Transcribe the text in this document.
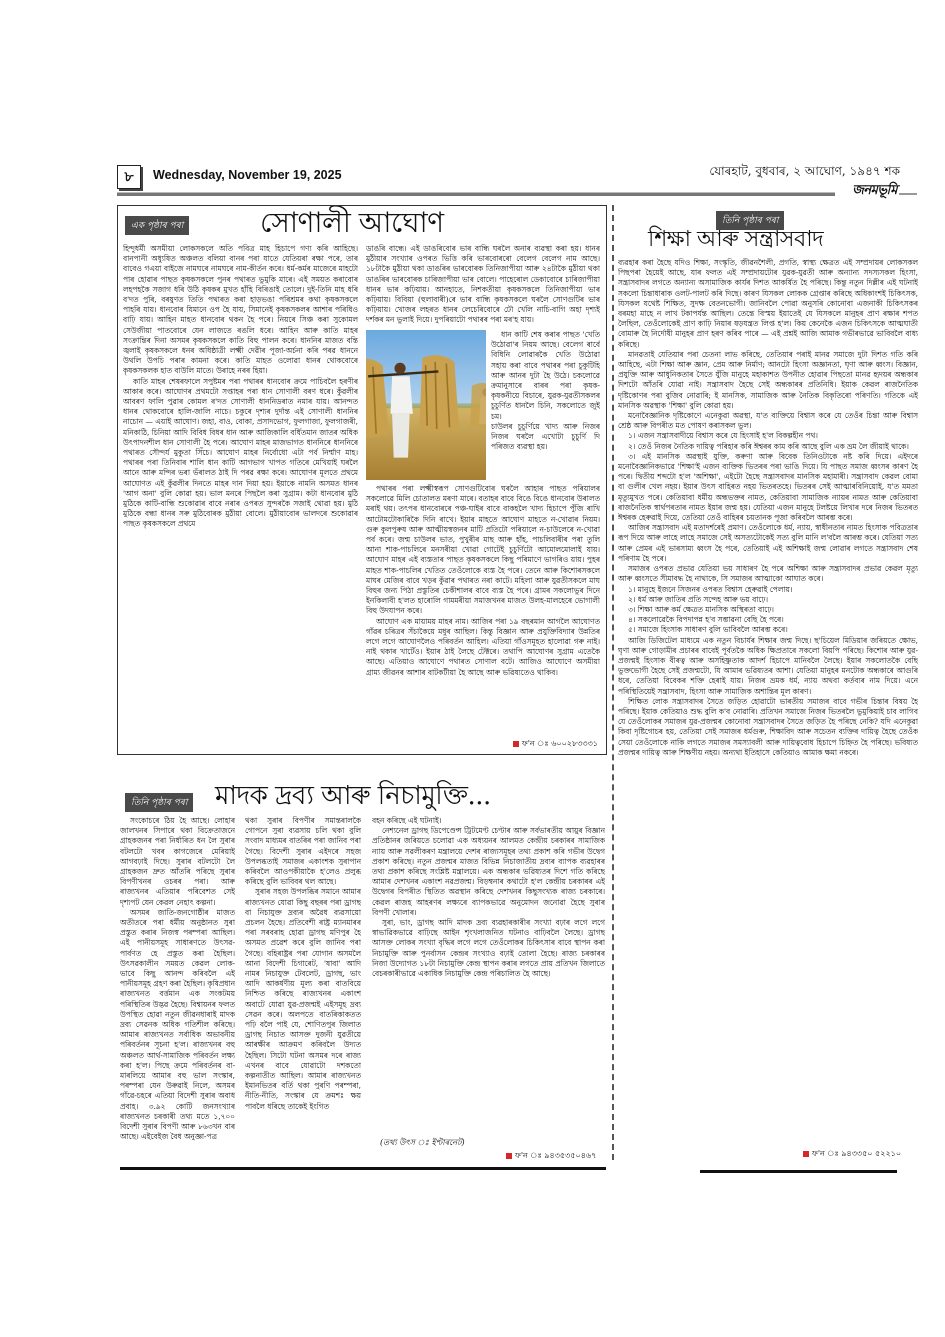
৮	Wednesday, November 19, 2025	যোৰহাট, বুধবাৰ, ২ আঘোণ, ১৯৪৭ শক
জনমভূমি
এক পৃষ্ঠাৰ পৰা	সোণালী আঘোণ

হিন্দুধৰ্মী অসমীয়া লোকসকলে অতি পবিত্ৰ মাহ হিচাপে গণ্য কৰি আহিছে। বানপানী অধ্যুষিত অঞ্চলত বলিয়া বানৰ পৰা যাতে যেতিয়ৰা ৰক্ষা পৰে, তাৰ বাবেও গএয়া বাইজে নামঘৰে নামঘৰে নাম-কীৰ্তন কৰে। ধৰ্ম-কৰ্মৰ মাজেৰে মাহটো পাৰ হোৱাৰ পাছত কৃষকসকলে পুনৰ পথাৰত ভুমুকি মাৰে। এই সময়ত কৰাবোৰ লহপহকৈ সজাগ ধৰি উঠি কৃষকৰ মুখত হাঁহি বিৰিঙাই তোলে। দুই-তিনি মাহ ধৰি ব'দত পুৰি, বৰষুণত তিতি পথাৰত কৰা হাড়ভঙা পৰিশ্ৰমৰ কথা কৃষকসকলে পাহৰি যায়। ধানবোৰ যিমানে ওপ হৈ যায়, সিমানেই কৃষকসকলৰ আশাৰ পৰিধিও বাঢ়ি যায়। আহিন মাহত ধানবোৰ থকন হৈ পৰে। নিয়ৰে সিঞ্চ কৰা সুকোমল সেউজীয়া পাতবোৰে যেন লাজতে ৰঙলি ধৰে। আহিন আৰু কাতি মাহৰ সংক্ৰান্তিৰ দিনা অসমৰ কৃষকসকলে কাতি বিহু পালন কৰে। ধাননিৰ মাজত বন্তি জ্বলাই কৃষকসকলে ধনৰ অধিষ্ঠাত্ৰী লক্ষ্মী দেৱীৰ পূজা-অৰ্চনা কৰি পৰৱ ধাননে উথলি উপচি পৰাৰ কামনা কৰে। কাতি মাহত ওলোৱা ধানৰ থোকবোৰে কৃষকসকলক হাত বাউলি মাতে। উৰাহে নৰৰ হিয়া।

কাতি মাহৰ শেষৰফালে সপুষ্টমৰ পৰা পথাৰৰ ধানবোৰ ক্ৰমে পাচিবলৈ হৰণীৰ আকাৰ কৰে। আঘোণৰ প্ৰথমটো সপ্তাহৰ পৰা ধান সোণালী বৰণ ধৰে। কুঁৱলীৰ আবৰণ ফালি পুৱাৰ কোমল ৰ'দত সোণালী ধাননিডৰাত নমাৰ যায়। আনন্দত ধানৰ থোকবোৰে হালি-জালি নাচে। চকুৰে দৃশ্যৰ দুৰ্দান্ত এই সোণালী ধাননিৰ নাচোন — এয়াই আঘোণ। জহা, বাও, বোকা, প্ৰসাদভোগ, ফুলগাজা, ফুলগাজৰী, মনিকাঠি, চিনিয়া আদি বিবিধ বিধৰ ধান আৰু আজিকালি বৰ্ধিতমান জাতৰ অধিক উৎপাদনশীল ধান সোণালী হৈ পৰে। আঘোণ মাহৰ মাজভাগত ধাননিৰে ধাননিৰে পথাৰত সৌন্দৰ্য মুকুতা সিঁচে। আঘোণ মাহৰ নিৰ্বোধো এটা পৰ্ব নিৰ্ম্মাণ মাহ। পথাৰৰ পৰা তিনিবাৰ শালি ধান কাটি আগভাগ খাপত গতিৰে মেখিয়াই ঘৰলৈ আনে আৰু মন্দিৰ ভৰা ভঁৰালত ঠাই দি পৰৱ ৰক্ষা কৰে। আঘোণৰ মূলতে প্ৰথমে আঘোণত এই কুঁৱলীৰ দিনতে মাহৰ দান দিয়া হয়। ইয়াকে নামনি অসমত ধানৰ 'আগ অনা' বুলি কোৱা হয়। ভাল মনৰে পিছলৈ কৰা সুগ্ৰাম। কটা ধানবোৰ মুঠি মুঠিকে কাটি-বান্ধি শুকোৱাৰ বাবে নৰাৰ ওপৰত সুন্দৰকৈ সজাই থোৱা হয়। মুঠি মুঠিকে বন্ধা ধানৰ সৰু মুঠিবোৰক মুঠীয়া বোলে। মুঠীয়াবোৰ ভালদৰে শুকোৱাৰ পাছত কৃষকসকলে প্ৰথমে

ডাঙৰি বান্ধে। এই ডাঙৰিবোৰ ভাৰ বান্ধি ঘৰলৈ অনাৰ ব্যৱস্থা কৰা হয়। ধানৰ মুঠীয়াৰ সংখ্যাৰ ওপৰত ভিত্তি কৰি ভাৰবোৰৰো বেলেগ বেলেগ নাম আছে। ১৮টাকৈ মুঠীয়া থকা ডাঙৰিৰ ভাৰবোৰক তিনিজাপীয়া আৰু ২৪টাকৈ মুঠীয়া থকা ডাঙৰিৰ ভাৰবোৰক চাৰিজাপীয়া ভাৰ বোলে। পাহেৰোল ডেকাবোৰে চাৰিজাপীয়া ধানৰ ভাৰ কঢ়িয়ায়। আনহাতে, নিশকতীয়া কৃষকসকলে তিনিজাপীয়া ভাৰ কঢ়িয়ায়। বিবিয়া (হুলাবাৰী)ৰে ভাৰ বান্ধি কৃষকসকলে ঘৰলৈ সোণগুটিৰ ভাৰ কঢ়িয়ায়। খোজৰ লহৰত ধানৰ লেচেৰিবোৰে ঢৌ খেলি নাচি-বাগি অহা দৃশ্যই দৰ্শকৰ মন ভুলাই দিয়ে। দুপৰিয়াটো পথাৰৰ পৰা মৰ'হ যায়।

ধান কাটি শেষ কৰাৰ পাছত 'খেতি উঠোৱা'ৰ নিয়ম আছে। বেলেগ ৰাৰ্বে বিধিনি লোৱাৰকৈ খেতি উঠোৱা সহায় কৰা বাবে পথাৰৰ পৰা চুকুটিহি আৰু আনৰ দুটা হৈ উঠে। চকলোৱে ক্ৰমানুসাৰে বাৰৰ পৰা কৃষক-কৃষকনীয়ে বিচাৰে, যুৱক-যুৱতীসকলৰ চুচুৰ্ণিত ধানলৈ চিনি, সকলোতে জুই চম।

চাউলৰ চুচুৰ্ণিয়ে খাদ্য আৰু নিজৰ নিজৰ ঘৰলৈ এখোটা চুচুৰ্ণি দি পৰিজত ব্যৱস্থা হয়।

পথাৰৰ পৰা লক্ষ্মীস্বৰূপ সোণগুটিবোৰ ঘৰলৈ আহাৰ পাছত পৰিয়ালৰ সকলোৱে মিলি চোতালত মৰণা মাৰে। বতাহৰ বাবে বিঙে বিঙে ধানবোৰ উৰালত মৰাই থয়। তৎপৰ ধানবোৰৰে পঞ্চ-ঘাইৰ বাবে বাকহলৈ খাদ্য হিচাপে পুঁজি ৰাখি আটোমটোকাৰিকৈ দিনি ৰাখে। ইয়াৰ মাহতে আঘোণ মাহতে ন-খোৱাৰ নিয়ম। গুৰু কুলপুৰুষ আৰু আত্মীয়স্বজনৰ মাটি প্ৰতিটো পৰিয়ালে ন-চাউলেৰে ন-খোৱা পৰ্ব কৰে। জন্ম চাউলৰ ভাত, পুখুৰীৰ মাছ আৰু হাঁহ, পাচলিবাৰীৰ পৰা তুলি আনা শাক-পাচলিৰে মনসৰীয়া খোৱা গোটেই চুচুৰ্ণিটো আমোলমোলাই যায়। আঘোণ মাহৰ এই ব্যস্ততাৰ পাছত কৃষকসকলে কিছু পৰিমাণে ভাগৰিও য়ায়। পুহৰ মাহত শাক-পাচলিৰ খেতিত তেওঁলোকে ব্যস্ত হৈ পৰে। তেনে আৰু কিশোৰসকলে মাঘৰ মেজিৰ বাবে খড়ৰ কুঁৱাৰ পথাৰত নৰা কাটে। মহিলা আৰু যুৱতীসকলে মাঘ বিহুৰ জন্য পিঠা প্ৰস্তুতিৰ চেকীশালৰ বাবে ব্যস্ত হৈ পৰে। গ্ৰামৰ সকলোভুৰ দিনে ইনকিলাবী হ'লত হাৰোলি গামমৰীয়া সমাজখনৰ মাজত উলহ-মালহেৰে ভোগালী বিহু উদযাপন কৰে।

আঘোণ এক মায়াময় মাহৰ নাম। আজিৰ পৰা ১৯ বছৰমান আগলৈ আঘোণত গাঁৱৰ চৰিত্ৰৰ সঁচাকৈয়ে মধুৰ আছিল। কিন্তু বিজ্ঞান আৰু প্ৰযুক্তিবিদ্যাৰ উন্নতিৰ লগে লগে আঘোণলৈও পৰিবৰ্তন আহিল। এতিয়া গাঁওসমূহত হালোৱা গৰু নাই। নাই থকাৰ খাটেঁও। ইয়াৰ ঠাই লৈছে টেক্টৰে। তথাপি আঘোণৰ সুগ্ৰাম এতেকৈ আছে। এতিয়াও আঘোণে পথাৰত সোণাল বটে। আজিও আঘোণে অসমীয়া গ্ৰাম্য জীৱনৰ আশাৰ বাটকটীয়া হৈ আছে আৰু ভৱিষ্যতেও থাকিব।

ফ'ন ঃ ৬০০২৮৩৩৩১
তিনি পৃষ্ঠাৰ পৰা
শিক্ষা আৰু সন্ত্ৰাসবাদ

ব্যৱহাৰ কৰা হৈছে যদিও শিক্ষা, সংস্কৃতি, জীৱনশৈলী, প্ৰগতি, স্বাস্থ্য ক্ষেত্ৰত এই সম্প্ৰদায়ৰ লোকসকল পিছপৰা হৈয়েই আছে, যাৰ ফলত এই সম্প্ৰদায়টোৰ যুৱক-যুৱতী আৰু অন্যান্য সদস্যসকল হিংসা, সন্ত্ৰাসবাদৰ লগতে অন্যান্য অসামাজিক কাৰ্যৰ দিশত আকৰ্ষিত হৈ পৰিছে। কিন্তু নতুন দিল্লীৰ এই ঘটনাই সকলো চিন্তাধাৰাক ওলট-পালট কৰি দিছে। কাৰণ যিসকল লোকক গ্ৰেপ্তাৰ কৰিছে অধিকাংশই চিকিৎসক, যিসকল যথেষ্ট শিক্ষিত, সুদক্ষ বেতনভোগী। জানিবলৈ পোৱা অনুসৰি কোনোবা এজনাকী চিকিৎসকৰ বৰমহা মাহে ন লাখ টকাপৰ্যন্ত আছিল। তেন্তে বিস্ময় ইয়াতেই যে যিসকলে মানুহৰ প্ৰাণ ৰক্ষাৰ শপত লৈছিল, তেওঁলোকেই প্ৰাণ কাঢ়ি নিয়াৰ ষড়যন্ত্ৰত লিপ্ত হ'ল। কিয় কেনেকৈ এজন চিকিৎসকে আত্মঘাতী বোমাৰু হৈ নিৰ্দোষী মানুহৰ প্ৰাণ হৰণ কৰিব পাৰে — এই প্ৰশ্নই আজি আমাক গভীৰভাৱে ভাবিবলৈ বাধ্য কৰিছে।

মানৱতাই যেতিয়াৰ পৰা চেতনা লাভ কৰিছে, তেতিয়াৰ পৰাই মানৱ সমাজে দুটা দিশত গতি কৰি আহিছে, এটা শিক্ষা আৰু জ্ঞান, প্ৰেম আৰু নিৰ্মাণ; আনটো হিংসা অজ্ঞানতা, ঘৃণা আৰু ধ্বংস। বিজ্ঞান, প্ৰযুক্তি আৰু আধুনিকতাৰ সৈতে যুঁজি মানুহে মহাকাশত উপনীত হোৱাৰ পিছতো মানৱ হৃদয়ৰ অন্ধকাৰ দিশটো আঁতৰি যোৱা নাই। সন্ত্ৰাসবাদ হৈছে সেই অন্ধকাৰৰ প্ৰতিনিধি। ইয়াক কেৱল ৰাজনৈতিক দৃষ্টিকোণৰ পৰা বুজিব নোৱাৰি; ই মানসিক, সামাজিক আৰু নৈতিক বিকৃতিৰো পৰিণতি। গতিকে এই মানসিক অৱস্থাক 'শিক্ষা' বুলি কোৱা হয়।

মনোবৈজ্ঞানিক দৃষ্টিকোণে এনেকুৱা অৱস্থা, য'ত ব্যক্তিয়ে বিশ্বাস কৰে যে তেওঁৰ চিন্তা আৰু বিশ্বাস শ্ৰেষ্ঠ আৰু বিপৰীত মত পোষণ কৰাসকল ভুল।

১। এজন সন্ত্ৰাসবাদীয়ে বিশ্বাস কৰে যে হিংসাই হ'ল বিকল্পহীন পথ।

২। তেওঁ নিজৰ নৈতিক দায়িত্ব পৰিহাৰ কৰি ঈশ্বৰৰ কাম কৰি আছে বুলি এক ভ্ৰম লৈ জীয়াই থাকে।

৩। এই মানসিক অৱস্থাই যুক্তি, কৰুণা আৰু বিবেক তিনিওটাকে নষ্ট কৰি দিয়ে। এইদৰে মনোবৈজ্ঞানিকভাৱে 'শিক্ষা'ই এজন ব্যক্তিক ভিতৰৰ পৰা ভাঙি দিয়ে। যি পাছত সমাজ ধ্বংসৰ কাৰণ হৈ পৰে। দ্বিতীয় শব্দটো হ'ল 'অশিক্ষা', এইটো হৈছে সন্ত্ৰাসবাদৰ মানসিক মহামাৰী। সন্ত্ৰাসবাদ কেৱল বোমা বা গুলীৰ খেল নহয়। ইয়াৰ উৎস বাহিৰত নহয় ভিতৰতহে। ভিতৰৰ সেই আত্মাৰবিনিয়োই, য'ত মমতা মৃত্যুমুখত পৰে। কেতিয়াবা ধৰ্মীয় অন্ধভক্তৰ নামত, কেতিয়াবা সামাজিক ন্যায়ৰ নামত আৰু কেতিয়াবা ৰাজনৈতিক স্বাৰ্থপৰতাৰ নামত ইয়াৰ জন্ম হয়। যেতিয়া এজন মানুহে টলষ্টয়ে লিখাৰ দৰে নিজৰ ভিতৰত ঈশ্বৰক হেৰুৱাই দিয়ে, তেতিয়া তেওঁ বাহিৰৰ চয়তানক পূজা কৰিবলৈ আৰম্ভ কৰে।

আজিৰ সন্ত্ৰাসবাদ এই মতাদৰ্শৰেই প্ৰমাণ। তেওঁলোকে ধৰ্ম, ন্যায়, স্বাধীনতাৰ নামত হিংসাক পবিত্ৰতাৰ ৰূপ দিয়ে আৰু লাহে লাহে সমাজে সেই অসত্যটোকেই সত্য বুলি মানি ল'বলৈ আৰম্ভ কৰে। যেতিয়া সত্য আৰু প্ৰেমৰ এই ভাৰসাম্য ধ্বংস হৈ পৰে, তেতিয়াই এই অশিক্ষাই জন্ম লোৱাৰ লগতে সন্ত্ৰাসবাদ শেষ পৰিণাম হৈ পৰে।

সমাজৰ ওপৰত প্ৰভাৱ যেতিয়া ভয় সাধাৰণ হৈ পৰে অশিক্ষা আৰু সন্ত্ৰাসবাদৰ প্ৰভাৱ কেৱল মৃত্যু আৰু ধ্বংসতে সীমাবদ্ধ হৈ নাথাকে, সি সমাজৰ আত্মাকো আঘাত কৰে।

১। মানুহে ইজনে সিজনৰ ওপৰত বিশ্বাস হেৰুৱাই পেলায়।

২। ধৰ্ম আৰু জাতিৰ প্ৰতি সন্দেহ আৰু ভয় বাঢ়ে।

৩। শিক্ষা আৰু কৰ্ম ক্ষেত্ৰত মানসিক অস্থিৰতা বাঢ়ে।

৪। সকলোৱেকৈ বিপদাপন্ন হ'ব সম্ভাৱনা বেছি হৈ পৰে।

৫। সমাজে হিংসাক সাধাৰণ বুলি ভাবিবলৈ আৰম্ভ কৰে।

আজি ডিজিটেল মাধ্যমে এক নতুন বিচাৰ্যৰ শিক্ষাৰ জন্ম দিছে। ছ'চিয়েল মিডিয়াৰ জৰিয়তে ক্ষোভ, ঘৃণা আৰু গোড়ামীৰ প্ৰচাৰৰ বাবেই পূৰ্বতকৈ অধিক ক্ষিপ্ৰতাৰে সকলো বিয়পি পৰিছে। কিশোৰ আৰু যুৱ-প্ৰজন্মই হিংসাক বীৰত্ব আৰু অসহিষ্ণুতাক আদৰ্শ হিচাপে মানিবলৈ লৈছে। ইয়াৰ সকলোতকৈ বেছি ভুক্তভোগী হৈছে সেই প্ৰজন্মটো, যি আমাৰ ভৱিষ্যতৰ আশা। যেতিয়া মানুহৰ মনটোক অন্ধকাৰে আগুৰি ধৰে, তেতিয়া বিবেকৰ শক্তি হেৰাই যায়। নিজৰ ভ্ৰমক ধৰ্ম, ন্যায় অথবা কৰ্তব্যৰ নাম দিয়ে। এনে পৰিস্থিতিয়েই সন্ত্ৰাসবাদ, হিংসা আৰু সামাজিক অশান্তিৰ মূল কাৰণ।

শিক্ষিত লোক সন্ত্ৰাসবাদৰ সৈতে জড়িত হোৱাটো ভাৰতীয় সমাজৰ বাবে গভীৰ চিন্তাৰ বিষয় হৈ পৰিছে। ইয়াক কেতিয়াও শুদ্ধ বুলি ক'ব নোৱাৰি। প্ৰতিখন সমাজে নিজৰ ভিতৰলৈ ভুমুকিয়াই চাব লাগিব যে তেওঁলোকৰ সমাজৰ যুৱ-প্ৰজন্মৰ কোনোবা সন্ত্ৰাসবাদৰ সৈতে জড়িত হৈ পৰিছে নেকি? যদি এনেকুৱা কিবা দৃষ্টিগোচৰ হয়, তেতিয়া সেই সমাজৰ ধৰ্মগুৰু, শিক্ষাবিদ আৰু সচেতন ব্যক্তিৰ দায়িত্ব হৈছে তেওঁক সেয়া তেওঁলোকে নাকি লগতে সমাজৰ সমস্যাবলী আৰু দায়িত্ববোধ হিচাপে চিহ্নিত হৈ পৰিছে। ভবিষ্যত প্ৰজন্মৰ দায়িত্ব আৰু শিক্ষণীয় নহয়। অন্যথা ইতিহাসে কেতিয়াও আমাক ক্ষমা নকৰে।

ফ'ন ঃ ৯৪৩৩৫০ ৫২২১০
তিনি পৃষ্ঠাৰ পৰা মাদক দ্ৰব্য আৰু নিচামুক্তি...

সংকোচৰে ঠিয় হৈ আছে। লোহাৰ জালখনৰ সিপাৰে থকা বিক্ৰেতাজনে গ্ৰাহকজনৰ পৰা নিৰ্ধাৰিত ধন লৈ সুৰাৰ বটলটো খবৰ কাগজেৰে মেৰিয়াই আগবঢ়াই দিছে। সুৰাৰ বটলটো লৈ গ্ৰাহকজন দ্ৰুত আঁতৰি পৰিছে সুৰাৰ বিপণীখনৰ ওচৰৰ পৰা। আৰু ৰাজ্যখনৰ এতিয়াৰ পৰিবেশত সেই দৃশ্যপট যেন কেৱল নেহাৎ কল্পনা।

অসমৰ জাতি-জনগোষ্ঠীৰ মাজত অতীতৰে পৰা ধৰ্মীয় অনুষ্ঠানত সুৰা প্ৰস্তুত কৰাৰ নিজস্ব পৰম্পৰা আছিল। এই পানীয়সমূহ সাধাৰণতে উৎসৱ-পাৰ্বণত হে প্ৰস্তুত কৰা হৈছিল। উৎসৱকালীন সময়ত কেৱল লোক-ভাবে কিছু আনন্দ কৰিবলৈ এই পানীয়সমূহ গ্ৰহণ কৰা হৈছিল। কৃষিপ্ৰধান ৰাজ্যখনত বৰ্ত্তমান এক সংকটময় পৰিস্থিতিৰ উদ্ভৱ হৈছে। বিশ্বায়নৰ ফলত উপস্থিত হোৱা নতুন জীৱনধাৰাই মাদক দ্ৰব্য সেৱনক অধিক গতিশীল কৰিছে। আমাৰ ৰাজ্যখনত সৰ্বাধিক অভাবনীয় পৰিবৰ্তনৰ সূচনা হ'ল। ৰাজ্যখনৰ বহু অঞ্চলত আৰ্থ-সামাজিক পৰিবৰ্তন লক্ষ্য কৰা হ'ল। পিছে ক্ৰমে পৰিবৰ্তনৰ বা-মাৰলিয়ে আমাৰ বহু ভাল সংস্কাৰ, পৰম্পৰা যেন উৰুৱাই নিলে, অসমৰ গাঁৱে-চহৰে এতিয়া বিদেশী সুৰাৰ অবাধ প্ৰবাহ। ৩.৯২ কোটি জনসংখ্যাৰ ৰাজ্যখনত চৰকাৰী তথ্য মতে ১,৭০০ বিদেশী সুৰাৰ বিপণী আৰু ৮৬৩খন বাৰ আছে। এইবেইজ বৈধ অনুজ্ঞা-পত্ৰ

থকা সুৰাৰ বিপণীৰ সমান্তৰালকৈ গোপনে সুৰা ব্যৱসায় চলি থকা বুলি সংবাদ মাধ্যমৰ বাতৰিৰ পৰা জানিব পৰা গৈছে। বিদেশী সুৰাৰ এইদৰে সহজ উপলব্ধতাই সমাজৰ একাংশক সুৰাপান কৰিবলৈ আওপকীয়াকৈ হ'লেও প্ৰলুব্ধ কৰিছে বুলি ভাবিবৰ থল আছে।

সুৰাৰ সহজ উপলব্ধিৰ সমানে আমাৰ ৰাজ্যখনত যোৱা কিছু বছৰৰ পৰা ড্ৰাগছ বা নিচাযুক্ত দ্ৰব্যৰ অৱৈধ ব্যৱসায়ো প্ৰচলন হৈছে। প্ৰতিবেশী ৰাষ্ট্ৰ ম্যানমাৰৰ পৰা সৰবৰাহ হোৱা ড্ৰাগছ মণিপুৰ হৈ অসমত প্ৰৱেশ কৰে বুলি জানিব পৰা গৈছে। বহিৰাষ্ট্ৰৰ পৰা যোগান অসমলৈ আনা বিদেশী চিগাৰেট, 'ষাবা' আদি নামৰ নিচাযুক্ত টেবলেট, ড্ৰাগছ, ভাং আদি আকৰ্ষণীয় মূল্য কৰা বাতবিয়ে নিশ্চিত কৰিছে ৰাজ্যখনৰ একাংশ অবাটে যোৱা যুৱ-প্ৰজন্মই এইসমূহ দ্ৰব্য সেৱন কৰে। অলপতে বাতৰিকাকতত পঢ়ি বলৈ পাই যে, শোণিতপুৰ জিলাত ড্ৰাগছ নিচাত আসক্ত দুজনী যুৱতীয়ে আৰক্ষীৰ আক্ৰমণ কৰিবলৈ উদ্যত হৈছিল। সিটো ঘটনা অসমৰ দৰে ৰাজ্য এখনৰ বাবে যোৱাটো দশকতো কল্পনাতীত আছিল। আমাৰ ৰাজ্যখনত ইমানভিতৰ বৰ্তি থকা পুৰণি পৰম্পৰা, নীতি-নীতি, সংস্কাৰ যে ক্ৰমশঃ ক্ষয় পাবলৈ ধৰিছে তাকেই ইংগিত

বহন কৰিছে এই ঘটনাই।

নেশ্যনেল ড্ৰাগছ ডিপেণ্ডেন্স ট্ৰিটমেণ্ট চেণ্টাৰ আৰু সৰ্বভাৰতীয় আয়ুৰ বিজ্ঞান প্ৰতিষ্ঠানৰ জৰিয়তে চলোৱা এক অধ্যয়নৰ আলমত কেন্দ্ৰীয় চৰকাৰৰ সামাজিক ন্যায় আৰু সৱলীকৰণ মন্ত্ৰালয়ে দেশৰ ৰাজ্যসমূহৰ তথ্য প্ৰকাশ কৰি গভীৰ উদ্বেগ প্ৰকাশ কৰিছে। নতুন প্ৰজন্মৰ মাজত বিভিন্ন নিচাজাতীয় দ্ৰব্যৰ ব্যাপক ব্যৱহাৰৰ তথ্য প্ৰকাশ কৰিছে সংশ্লিষ্ট মন্ত্ৰালয়ে। এক অন্ধকাৰ ভৱিষ্যতৰ দিশে গতি কৰিছে আমাৰ দেশখনৰ একাংশ নৱপ্ৰজন্ম। বিড়ম্বনাৰ কথাটো হ'ল কেন্দ্ৰীয় চৰকাৰৰ এই উদ্বেগৰ বিপৰীত স্থিতিত অৱস্থান কৰিছে দেশখনৰ কিছুসংখ্যক ৰাজ্য চৰকাৰে। কেৱল ৰাজহ আহৰণৰ লক্ষ্যৰে ব্যাপকভাৱে অনুমোদন জনোৱা হৈছে সুৰাৰ বিপণী খোলাৰ।

সুৰা, ভাং, ড্ৰাগছ আদি মাদক দ্ৰব্য ব্যৱহাৰকাৰীৰ সংখ্যা বঢ়াৰ লগে লগে স্বাভাৱিকভাৱে বাঢ়িছে আইন শৃংখলাজনিত ঘটনাও বাঢ়িবলৈ লৈছে। ড্ৰাগছ আসক্ত লোকৰ সংখ্যা বৃদ্ধিৰ লগে লগে তেওঁলোকৰ চিকিৎসাৰ বাবে স্থাপন কৰা নিচামুক্তি আৰু পুনৰ্বাসন কেন্দ্ৰৰ সংখ্যাও বঢ়াই তোলা হৈছে। ৰাজ্য চৰকাৰৰ নিজা উদ্যোগত ১৮টা নিচামুক্তি কেন্দ্ৰ স্থাপন কৰাৰ লগতে প্ৰায় প্ৰতিখন জিলাতে বেচৰকাৰীভাৱে একাধিক নিচামুক্তি কেন্দ্ৰ পৰিচালিত হৈ আছে।

(তথ্য উৎস ঃ ইণ্টাৰনেট)
ফ'ন ঃ ৯৪৩৫৩৫০৪৬৭
